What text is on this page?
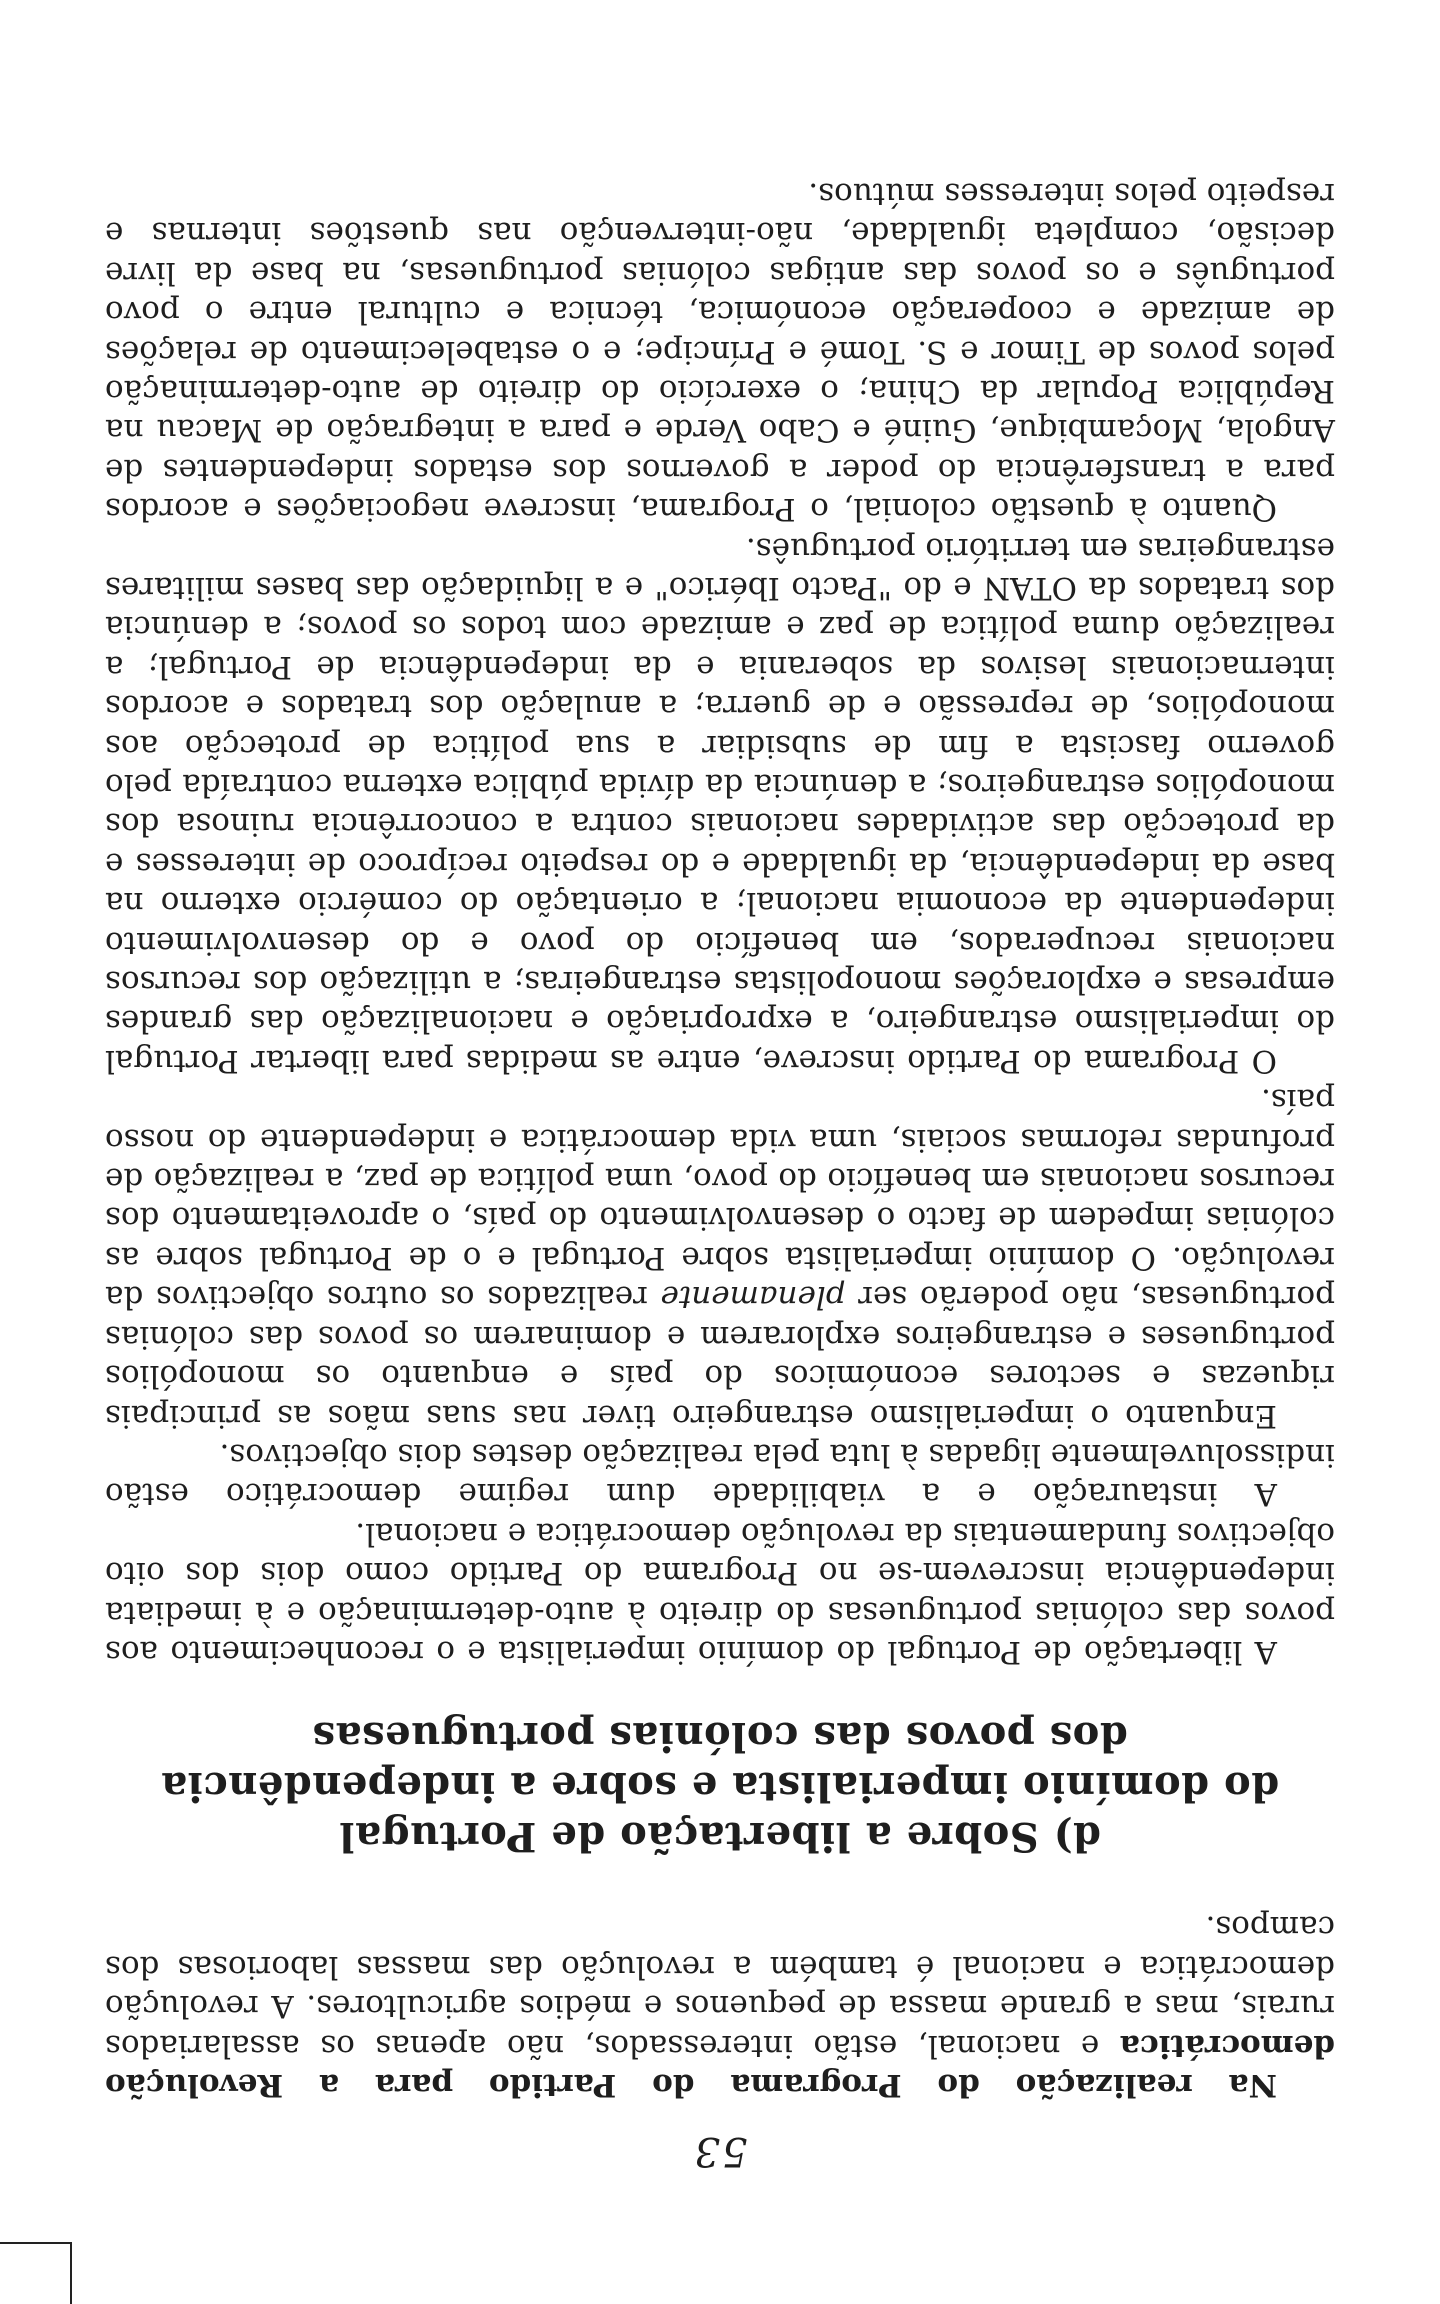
Na realização do Programa do Partido para a Revolução democrática e nacional, estão interessados, não apenas os assalariados rurais, mas a grande massa de pequenos e médios agricultores. A revolução democrática e nacional é também a revolução das massas laboriosas dos campos.

d) Sobre a libertação de Portugal
do domínio imperialista e sobre a independência
dos povos das colónias portuguesas

A libertação de Portugal do domínio imperialista e o reconhecimento aos povos das colónias portuguesas do direito à auto-determinação e à imediata independência inscrevem-se no Programa do Partido como dois dos oito objectivos fundamentais da revolução democrática e nacional.

A instauração e a viabilidade dum regime democrático estão indissoluvelmente ligadas à luta pela realização destes dois objectivos.

Enquanto o imperialismo estrangeiro tiver nas suas mãos as principais riquezas e sectores económicos do país e enquanto os monopólios portugueses e estrangeiros explorarem e dominarem os povos das colónias portuguesas, não poderão ser plenamente realizados os outros objectivos da revolução. O domínio imperialista sobre Portugal e o de Portugal sobre as colónias impedem de facto o desenvolvimento do país, o aproveitamento dos recursos nacionais em benefício do povo, uma política de paz, a realização de profundas reformas sociais, uma vida democrática e independente do nosso país.

O Programa do Partido inscreve, entre as medidas para libertar Portugal do imperialismo estrangeiro, a expropriação e nacionalização das grandes empresas e explorações monopolistas estrangeiras; a utilização dos recursos nacionais recuperados, em benefício do povo e do desenvolvimento independente da economia nacional; a orientação do comércio externo na base da independência, da igualdade e do respeito recíproco de interesses e da protecção das actividades nacionais contra a concorrência ruinosa dos monopólios estrangeiros; a denúncia da dívida pública externa contraída pelo governo fascista a fim de subsidiar a sua política de protecção aos monopólios, de repressão e de guerra; a anulação dos tratados e acordos internacionais lesivos da soberania e da independência de Portugal; a realização duma política de paz e amizade com todos os povos; a denúncia dos tratados da OTAN e do "Pacto Ibérico" e a liquidação das bases militares estrangeiras em território português.

Quanto à questão colonial, o Programa, inscreve negociações e acordos para a transferência do poder a governos dos estados independentes de Angola, Moçambique, Guiné e Cabo Verde e para a integração de Macau na República Popular da China; o exercício do direito de auto-determinação pelos povos de Timor e S. Tomé e Príncipe; e o estabelecimento de relações de amizade e cooperação económica, técnica e cultural entre o povo português e os povos das antigas colónias portuguesas, na base da livre decisão, completa igualdade, não-intervenção nas questões internas e respeito pelos interesses mútuos.

53
